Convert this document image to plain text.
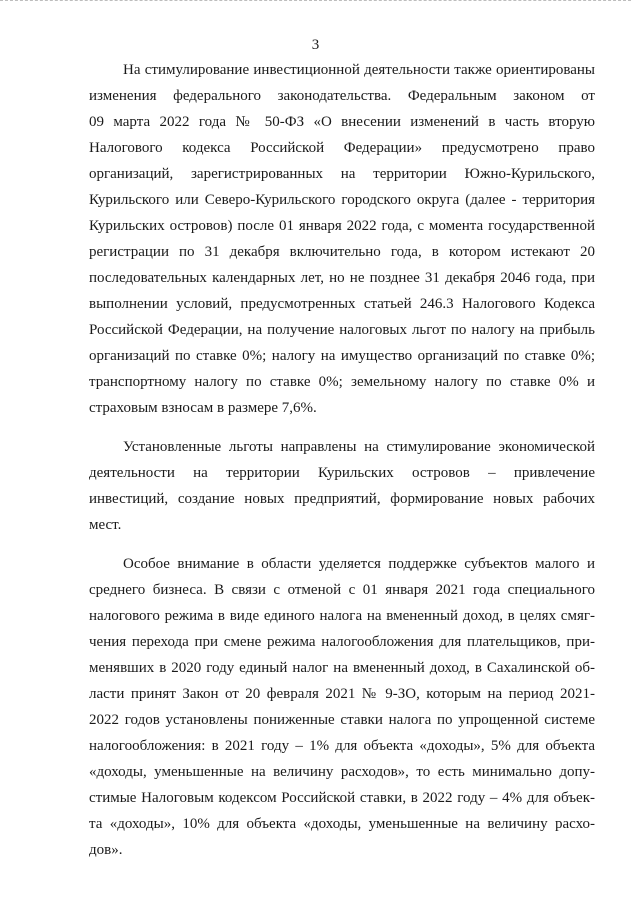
3
На стимулирование инвестиционной деятельности также ориентированы
изменения федерального законодательства. Федеральным законом от
09 марта 2022 года № 50-ФЗ «О внесении изменений в часть вторую
Налогового кодекса Российской Федерации» предусмотрено право
организаций, зарегистрированных на территории Южно-Курильского,
Курильского или Северо-Курильского городского округа (далее - территория
Курильских островов) после 01 января 2022 года, с момента государственной
регистрации по 31 декабря включительно года, в котором истекают 20
последовательных календарных лет, но не позднее 31 декабря 2046 года, при
выполнении условий, предусмотренных статьей 246.3 Налогового Кодекса
Российской Федерации, на получение налоговых льгот по налогу на прибыль
организаций по ставке 0%; налогу на имущество организаций по ставке 0%;
транспортному налогу по ставке 0%; земельному налогу по ставке 0% и
страховым взносам в размере 7,6%.
Установленные льготы направлены на стимулирование экономической
деятельности на территории Курильских островов – привлечение
инвестиций, создание новых предприятий, формирование новых рабочих
мест.
Особое внимание в области уделяется поддержке субъектов малого и
среднего бизнеса. В связи с отменой с 01 января 2021 года специального
налогового режима в виде единого налога на вмененный доход, в целях смяг-
чения перехода при смене режима налогообложения для плательщиков, при-
менявших в 2020 году единый налог на вмененный доход, в Сахалинской об-
ласти принят Закон от 20 февраля 2021 № 9-ЗО, которым на период 2021-
2022 годов установлены пониженные ставки налога по упрощенной системе
налогообложения: в 2021 году – 1% для объекта «доходы», 5% для объекта
«доходы, уменьшенные на величину расходов», то есть минимально допу-
стимые Налоговым кодексом Российской ставки, в 2022 году – 4% для объек-
та «доходы», 10% для объекта «доходы, уменьшенные на величину расхо-
дов».
